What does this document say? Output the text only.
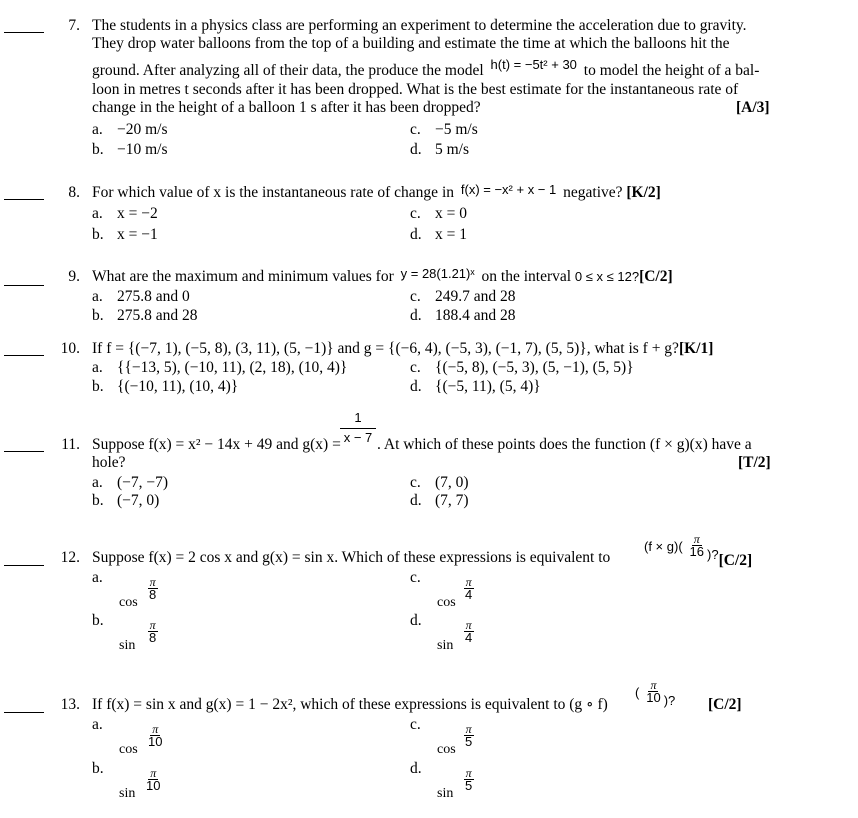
7. The students in a physics class are performing an experiment to determine the acceleration due to gravity.
They drop water balloons from the top of a building and estimate the time at which the balloons hit the
ground. After analyzing all of their data, the produce the model $^{h(t) = -5t^2 + 30}$ to model the height of a bal-
loon in metres t seconds after it has been dropped. What is the best estimate for the instantaneous rate of
change in the height of a balloon 1 s after it has been dropped?	[A/3]
a. −20 m/s
b. −10 m/s
c. −5 m/s
d. 5 m/s
8. For which value of x is the instantaneous rate of change in f(x) = −x² + x − 1 negative? [K/2]
a. x = −2
b. x = −1
c. x = 0
d. x = 1
9. What are the maximum and minimum values for y = 28(1.21)ˣ on the interval 0 ≤ x ≤ 12?[C/2]
a. 275.8 and 0
b. 275.8 and 28
c. 249.7 and 28
d. 188.4 and 28
10. If f = {(−7, 1), (−5, 8), (3, 11), (5, −1)} and g = {(−6, 4), (−5, 3), (−1, 7), (5, 5)}, what is f + g?[K/1]
a. {{−13, 5), (−10, 11), (2, 18), (10, 4)}
b. {(−10, 11), (10, 4)}
c. {(−5, 8), (−5, 3), (5, −1), (5, 5)}
d. {(−5, 11), (5, 4)}
11. Suppose f(x) = x² − 14x + 49 and g(x) =
1
x − 7 . At which of these points does the function (f × g)(x) have a
hole?	[T/2]
a. (−7, −7)
b. (−7, 0)
c. (7, 0)
d. (7, 7)
12. Suppose f(x) = 2 cos x and g(x) = sin x. Which of these expressions is equivalent to
$_{(f \times g)(} \frac{\pi}{16} _{)?}[C/2]$
a.
b.
c.
d.
cos
$\frac{\pi}{8}$
sin
$\frac{\pi}{8}$
cos
$\frac{\pi}{4}$
sin
$\frac{\pi}{4}$
13. If f(x) = sin x and g(x) = 1 − 2x², which of these expressions is equivalent to (g ∘ f)
$_( \frac{\pi}{10} _{)?}$ [C/2]
a.
b.
c.
d.
cos
$\frac{\pi}{10}$
sin
$\frac{\pi}{10}$
cos
$\frac{\pi}{5}$
sin
$\frac{\pi}{5}$
